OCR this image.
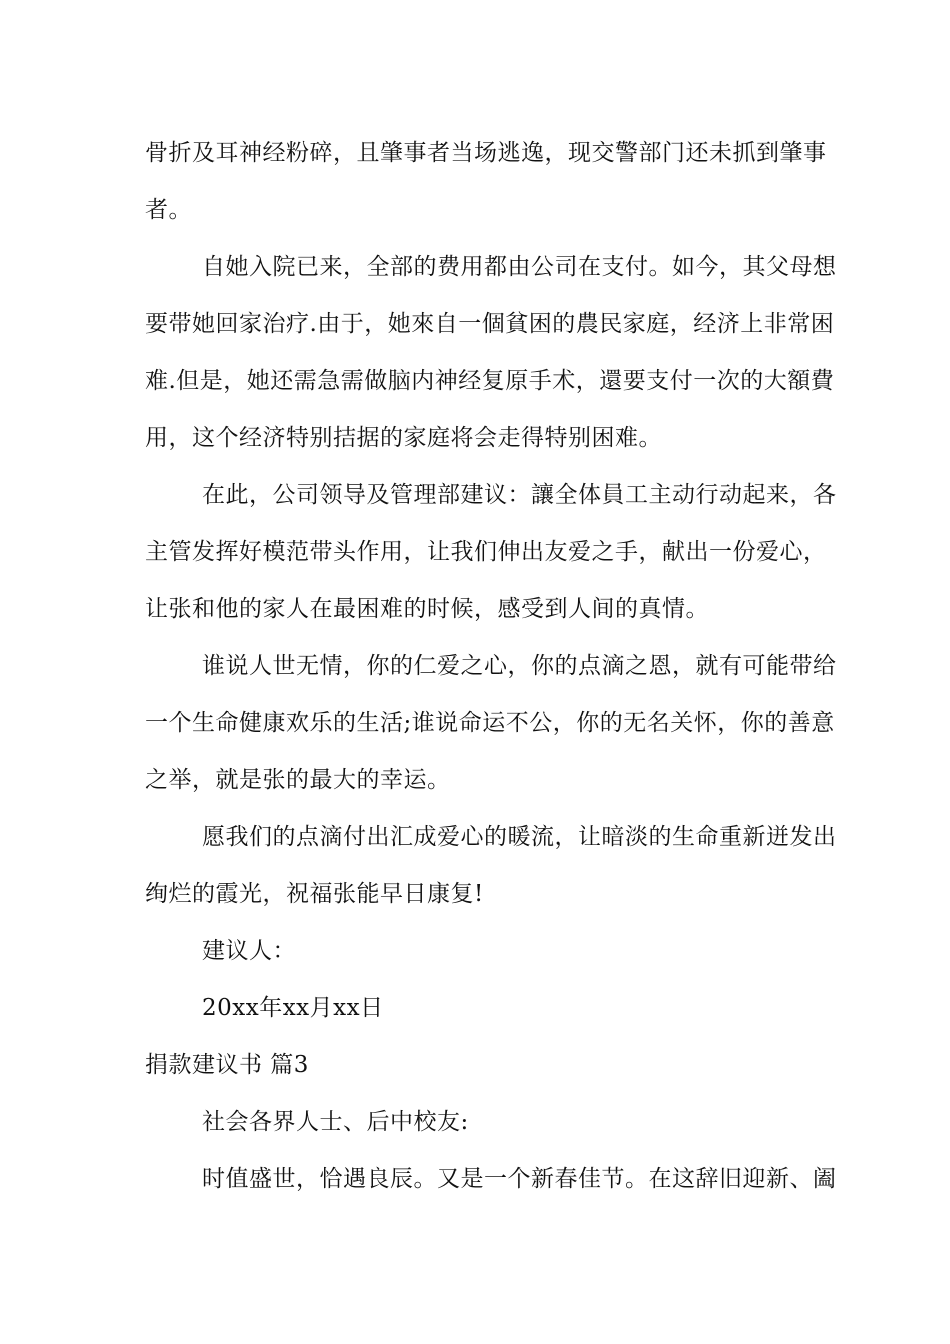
骨折及耳神经粉碎，且肇事者当场逃逸，现交警部门还未抓到肇事
者。
自她入院已来，全部的费用都由公司在支付。如今，其父母想
要带她回家治疗.由于，她來自一個貧困的農民家庭，经济上非常困
难.但是，她还需急需做脑内神经复原手术，還要支付一次的大額費
用，这个经济特别拮据的家庭将会走得特别困难。
在此，公司领导及管理部建议：讓全体員工主动行动起来，各
主管发挥好模范带头作用，让我们伸出友爱之手，献出一份爱心，
让张和他的家人在最困难的时候，感受到人间的真情。
谁说人世无情，你的仁爱之心，你的点滴之恩，就有可能带给
一个生命健康欢乐的生活;谁说命运不公，你的无名关怀，你的善意
之举，就是张的最大的幸运。
愿我们的点滴付出汇成爱心的暖流，让暗淡的生命重新迸发出
绚烂的霞光，祝福张能早日康复!
建议人：
20xx年xx月xx日
捐款建议书 篇3
社会各界人士、后中校友:
时值盛世，恰遇良辰。又是一个新春佳节。在这辞旧迎新、阖
